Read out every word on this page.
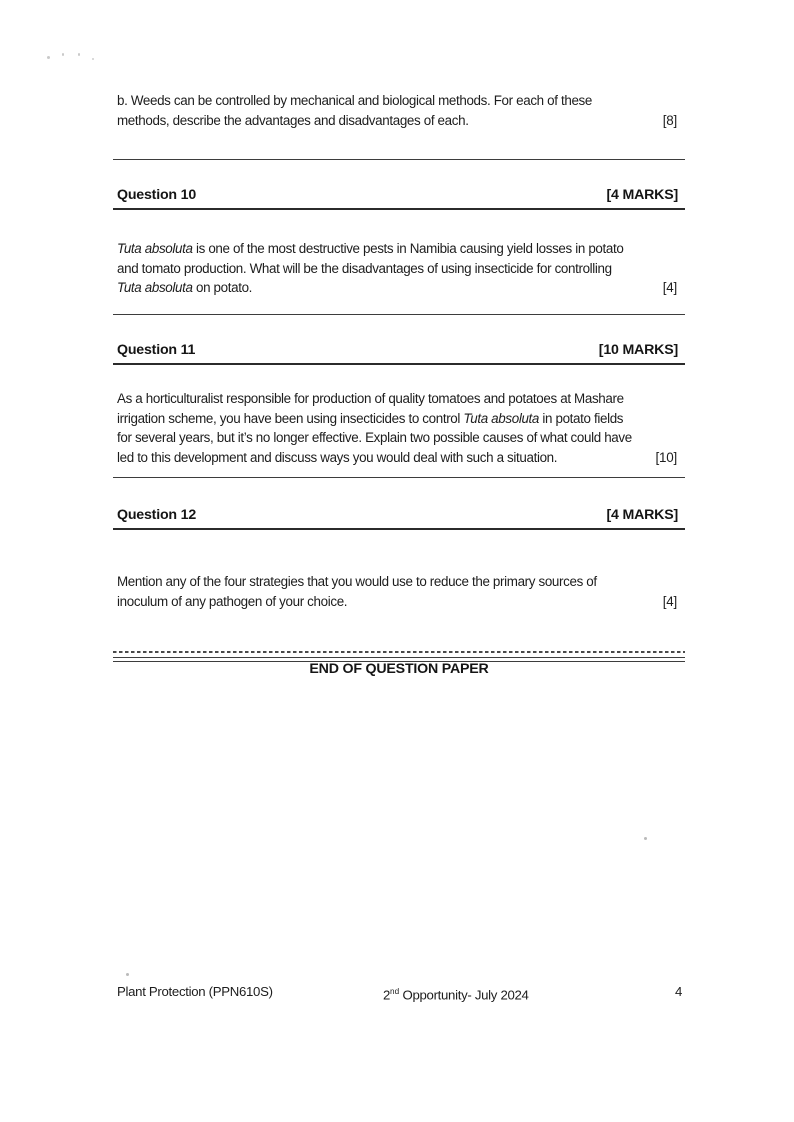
b. Weeds can be controlled by mechanical and biological methods. For each of these
methods, describe the advantages and disadvantages of each.	[8]

Question 10	[4 MARKS]

Tuta absoluta is one of the most destructive pests in Namibia causing yield losses in potato
and tomato production. What will be the disadvantages of using insecticide for controlling
Tuta absoluta on potato.	[4]

Question 11	[10 MARKS]

As a horticulturalist responsible for production of quality tomatoes and potatoes at Mashare
irrigation scheme, you have been using insecticides to control Tuta absoluta in potato fields
for several years, but it’s no longer effective. Explain two possible causes of what could have
led to this development and discuss ways you would deal with such a situation.	[10]

Question 12	[4 MARKS]

Mention any of the four strategies that you would use to reduce the primary sources of
inoculum of any pathogen of your choice.	[4]

END OF QUESTION PAPER
Plant Protection (PPN610S)	2nd Opportunity- July 2024	4
